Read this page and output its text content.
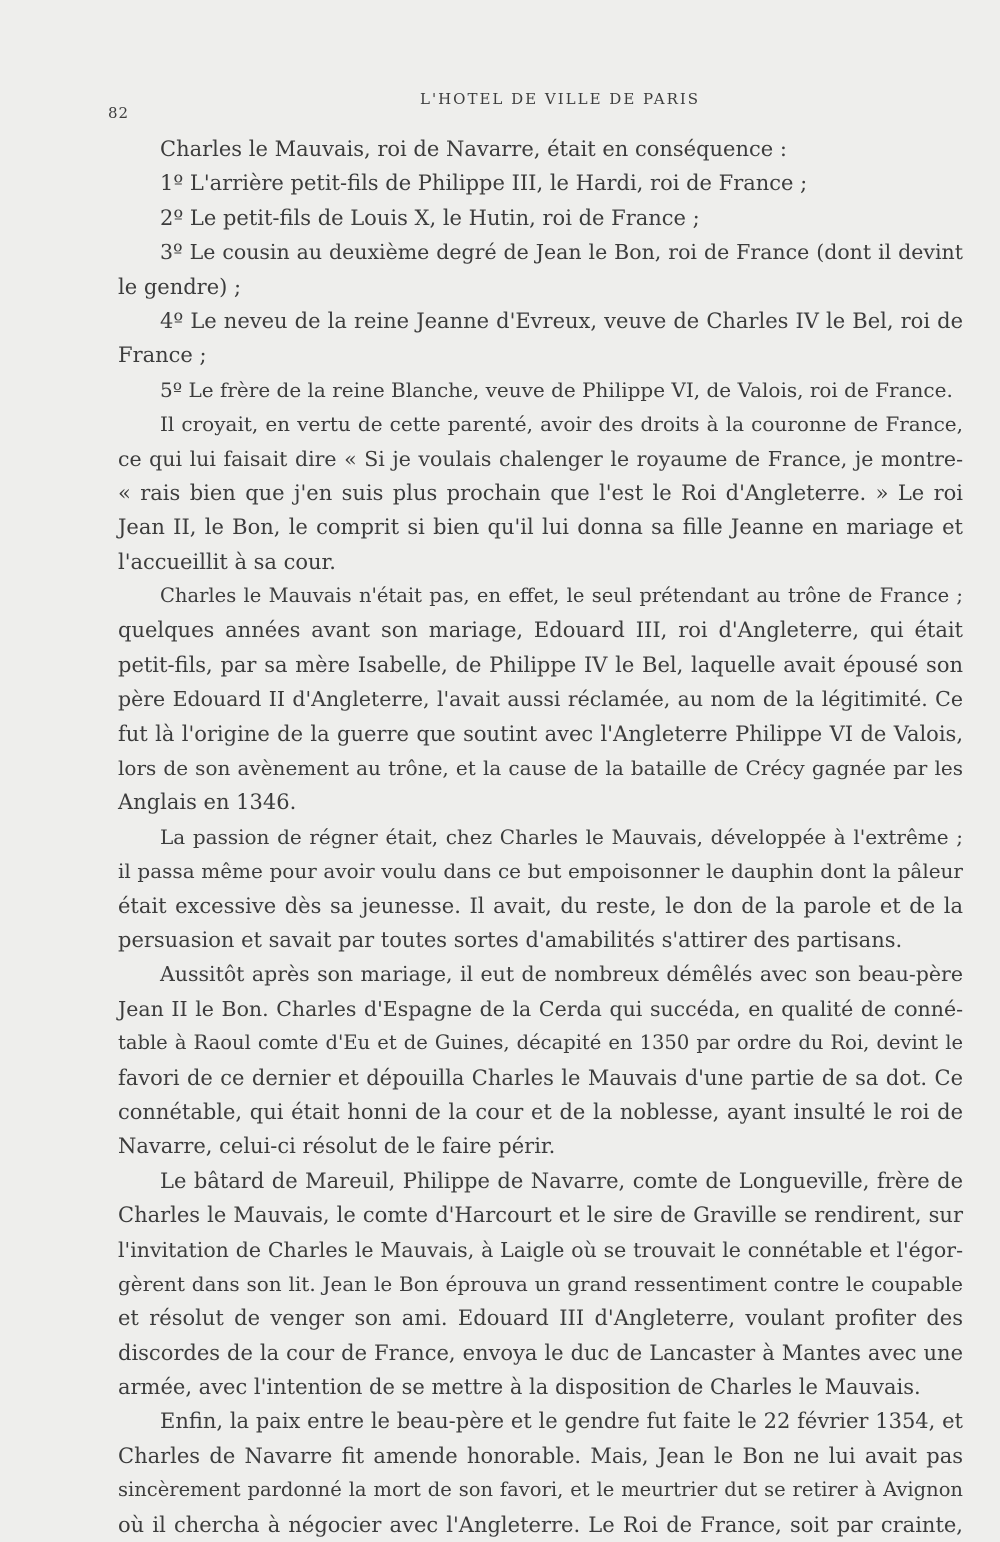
82
L'HOTEL DE VILLE DE PARIS
Charles le Mauvais, roi de Navarre, était en conséquence :
1º L'arrière petit-fils de Philippe III, le Hardi, roi de France ;
2º Le petit-fils de Louis X, le Hutin, roi de France ;
3º Le cousin au deuxième degré de Jean le Bon, roi de France (dont il devint
le gendre) ;
4º Le neveu de la reine Jeanne d'Evreux, veuve de Charles IV le Bel, roi de
France ;
5º Le frère de la reine Blanche, veuve de Philippe VI, de Valois, roi de France.
Il croyait, en vertu de cette parenté, avoir des droits à la couronne de France,
ce qui lui faisait dire « Si je voulais chalenger le royaume de France, je montre-
« rais bien que j'en suis plus prochain que l'est le Roi d'Angleterre. » Le roi
Jean II, le Bon, le comprit si bien qu'il lui donna sa fille Jeanne en mariage et
l'accueillit à sa cour.
Charles le Mauvais n'était pas, en effet, le seul prétendant au trône de France ;
quelques années avant son mariage, Edouard III, roi d'Angleterre, qui était
petit-fils, par sa mère Isabelle, de Philippe IV le Bel, laquelle avait épousé son
père Edouard II d'Angleterre, l'avait aussi réclamée, au nom de la légitimité. Ce
fut là l'origine de la guerre que soutint avec l'Angleterre Philippe VI de Valois,
lors de son avènement au trône, et la cause de la bataille de Crécy gagnée par les
Anglais en 1346.
La passion de régner était, chez Charles le Mauvais, développée à l'extrême ;
il passa même pour avoir voulu dans ce but empoisonner le dauphin dont la pâleur
était excessive dès sa jeunesse. Il avait, du reste, le don de la parole et de la
persuasion et savait par toutes sortes d'amabilités s'attirer des partisans.
Aussitôt après son mariage, il eut de nombreux démêlés avec son beau-père
Jean II le Bon. Charles d'Espagne de la Cerda qui succéda, en qualité de conné-
table à Raoul comte d'Eu et de Guines, décapité en 1350 par ordre du Roi, devint le
favori de ce dernier et dépouilla Charles le Mauvais d'une partie de sa dot. Ce
connétable, qui était honni de la cour et de la noblesse, ayant insulté le roi de
Navarre, celui-ci résolut de le faire périr.
Le bâtard de Mareuil, Philippe de Navarre, comte de Longueville, frère de
Charles le Mauvais, le comte d'Harcourt et le sire de Graville se rendirent, sur
l'invitation de Charles le Mauvais, à Laigle où se trouvait le connétable et l'égor-
gèrent dans son lit. Jean le Bon éprouva un grand ressentiment contre le coupable
et résolut de venger son ami. Edouard III d'Angleterre, voulant profiter des
discordes de la cour de France, envoya le duc de Lancaster à Mantes avec une
armée, avec l'intention de se mettre à la disposition de Charles le Mauvais.
Enfin, la paix entre le beau-père et le gendre fut faite le 22 février 1354, et
Charles de Navarre fit amende honorable. Mais, Jean le Bon ne lui avait pas
sincèrement pardonné la mort de son favori, et le meurtrier dut se retirer à Avignon
où il chercha à négocier avec l'Angleterre. Le Roi de France, soit par crainte,
